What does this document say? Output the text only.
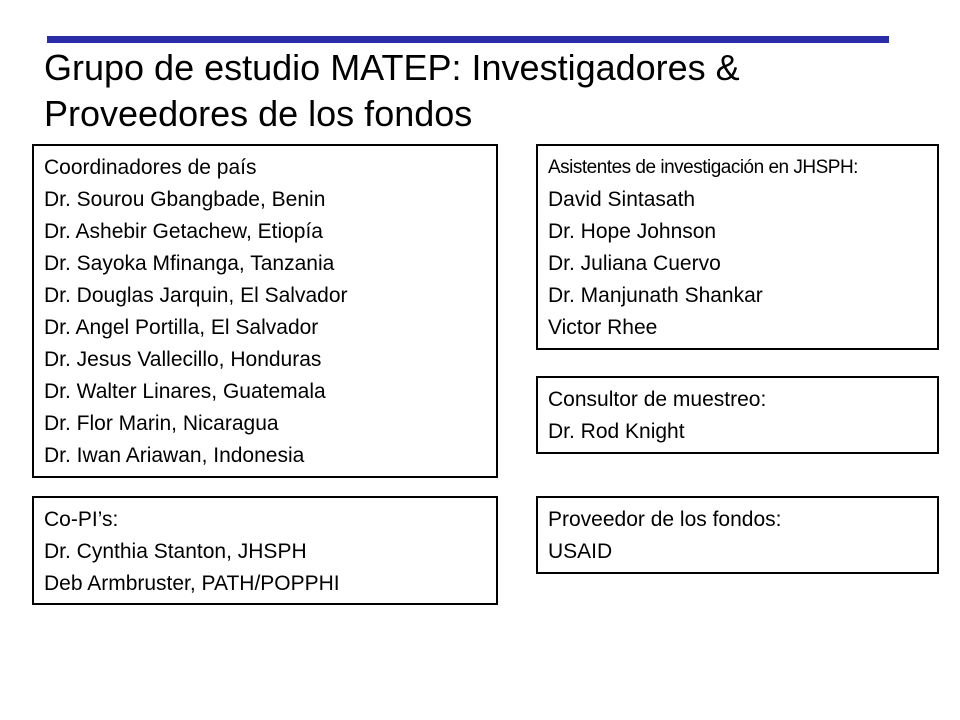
Grupo de estudio MATEP: Investigadores &
Proveedores de los fondos
Coordinadores de país
Dr. Sourou Gbangbade, Benin
Dr. Ashebir Getachew, Etiopía
Dr. Sayoka Mfinanga, Tanzania
Dr. Douglas Jarquin, El Salvador
Dr. Angel Portilla, El Salvador
Dr. Jesus Vallecillo, Honduras
Dr. Walter Linares, Guatemala
Dr. Flor Marin, Nicaragua
Dr. Iwan Ariawan, Indonesia
Asistentes de investigación en JHSPH:
David Sintasath
Dr. Hope Johnson
Dr. Juliana Cuervo
Dr. Manjunath Shankar
Victor Rhee
Consultor de muestreo:
Dr. Rod Knight
Co-PI’s:
Dr. Cynthia Stanton, JHSPH
Deb Armbruster, PATH/POPPHI
Proveedor de los fondos:
USAID
